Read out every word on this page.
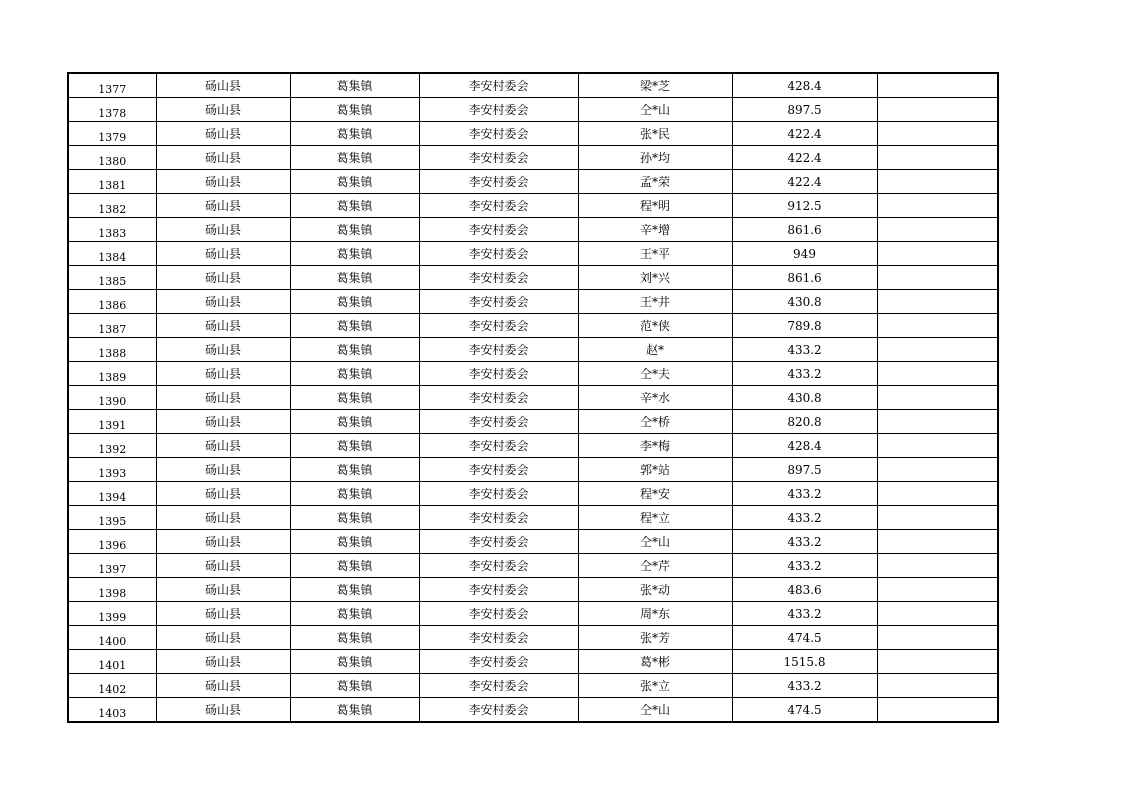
1377	砀山县	葛集镇	李安村委会	梁*芝	428.4	
1378	砀山县	葛集镇	李安村委会	仝*山	897.5	
1379	砀山县	葛集镇	李安村委会	张*民	422.4	
1380	砀山县	葛集镇	李安村委会	孙*均	422.4	
1381	砀山县	葛集镇	李安村委会	孟*荣	422.4	
1382	砀山县	葛集镇	李安村委会	程*明	912.5	
1383	砀山县	葛集镇	李安村委会	辛*增	861.6	
1384	砀山县	葛集镇	李安村委会	王*平	949	
1385	砀山县	葛集镇	李安村委会	刘*兴	861.6	
1386	砀山县	葛集镇	李安村委会	王*井	430.8	
1387	砀山县	葛集镇	李安村委会	范*侠	789.8	
1388	砀山县	葛集镇	李安村委会	赵*	433.2	
1389	砀山县	葛集镇	李安村委会	仝*夫	433.2	
1390	砀山县	葛集镇	李安村委会	辛*水	430.8	
1391	砀山县	葛集镇	李安村委会	仝*桥	820.8	
1392	砀山县	葛集镇	李安村委会	李*梅	428.4	
1393	砀山县	葛集镇	李安村委会	郭*站	897.5	
1394	砀山县	葛集镇	李安村委会	程*安	433.2	
1395	砀山县	葛集镇	李安村委会	程*立	433.2	
1396	砀山县	葛集镇	李安村委会	仝*山	433.2	
1397	砀山县	葛集镇	李安村委会	仝*芹	433.2	
1398	砀山县	葛集镇	李安村委会	张*动	483.6	
1399	砀山县	葛集镇	李安村委会	周*东	433.2	
1400	砀山县	葛集镇	李安村委会	张*芳	474.5	
1401	砀山县	葛集镇	李安村委会	葛*彬	1515.8	
1402	砀山县	葛集镇	李安村委会	张*立	433.2	
1403	砀山县	葛集镇	李安村委会	仝*山	474.5	
